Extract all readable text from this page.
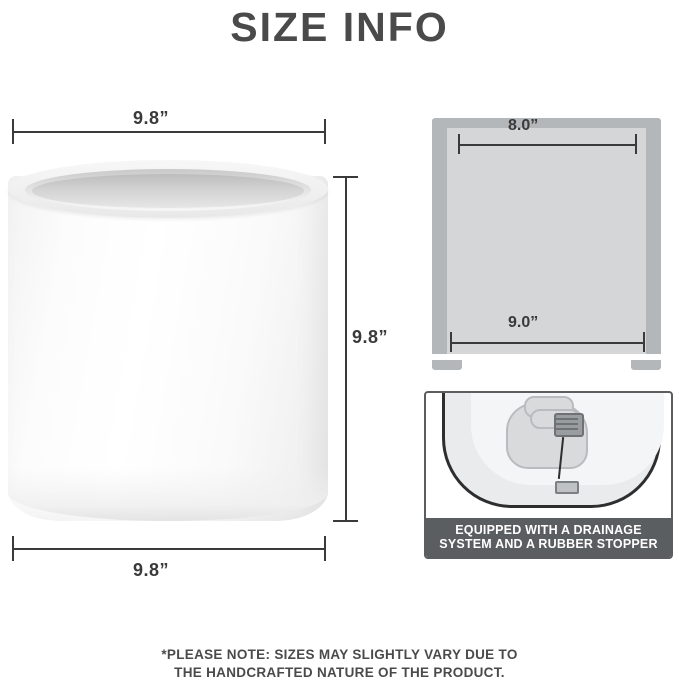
SIZE INFO
9.8”
9.8”
9.8”
8.0”
9.0”
EQUIPPED WITH A DRAINAGE
SYSTEM AND A RUBBER STOPPER
*PLEASE NOTE: SIZES MAY SLIGHTLY VARY DUE TO
THE HANDCRAFTED NATURE OF THE PRODUCT.
